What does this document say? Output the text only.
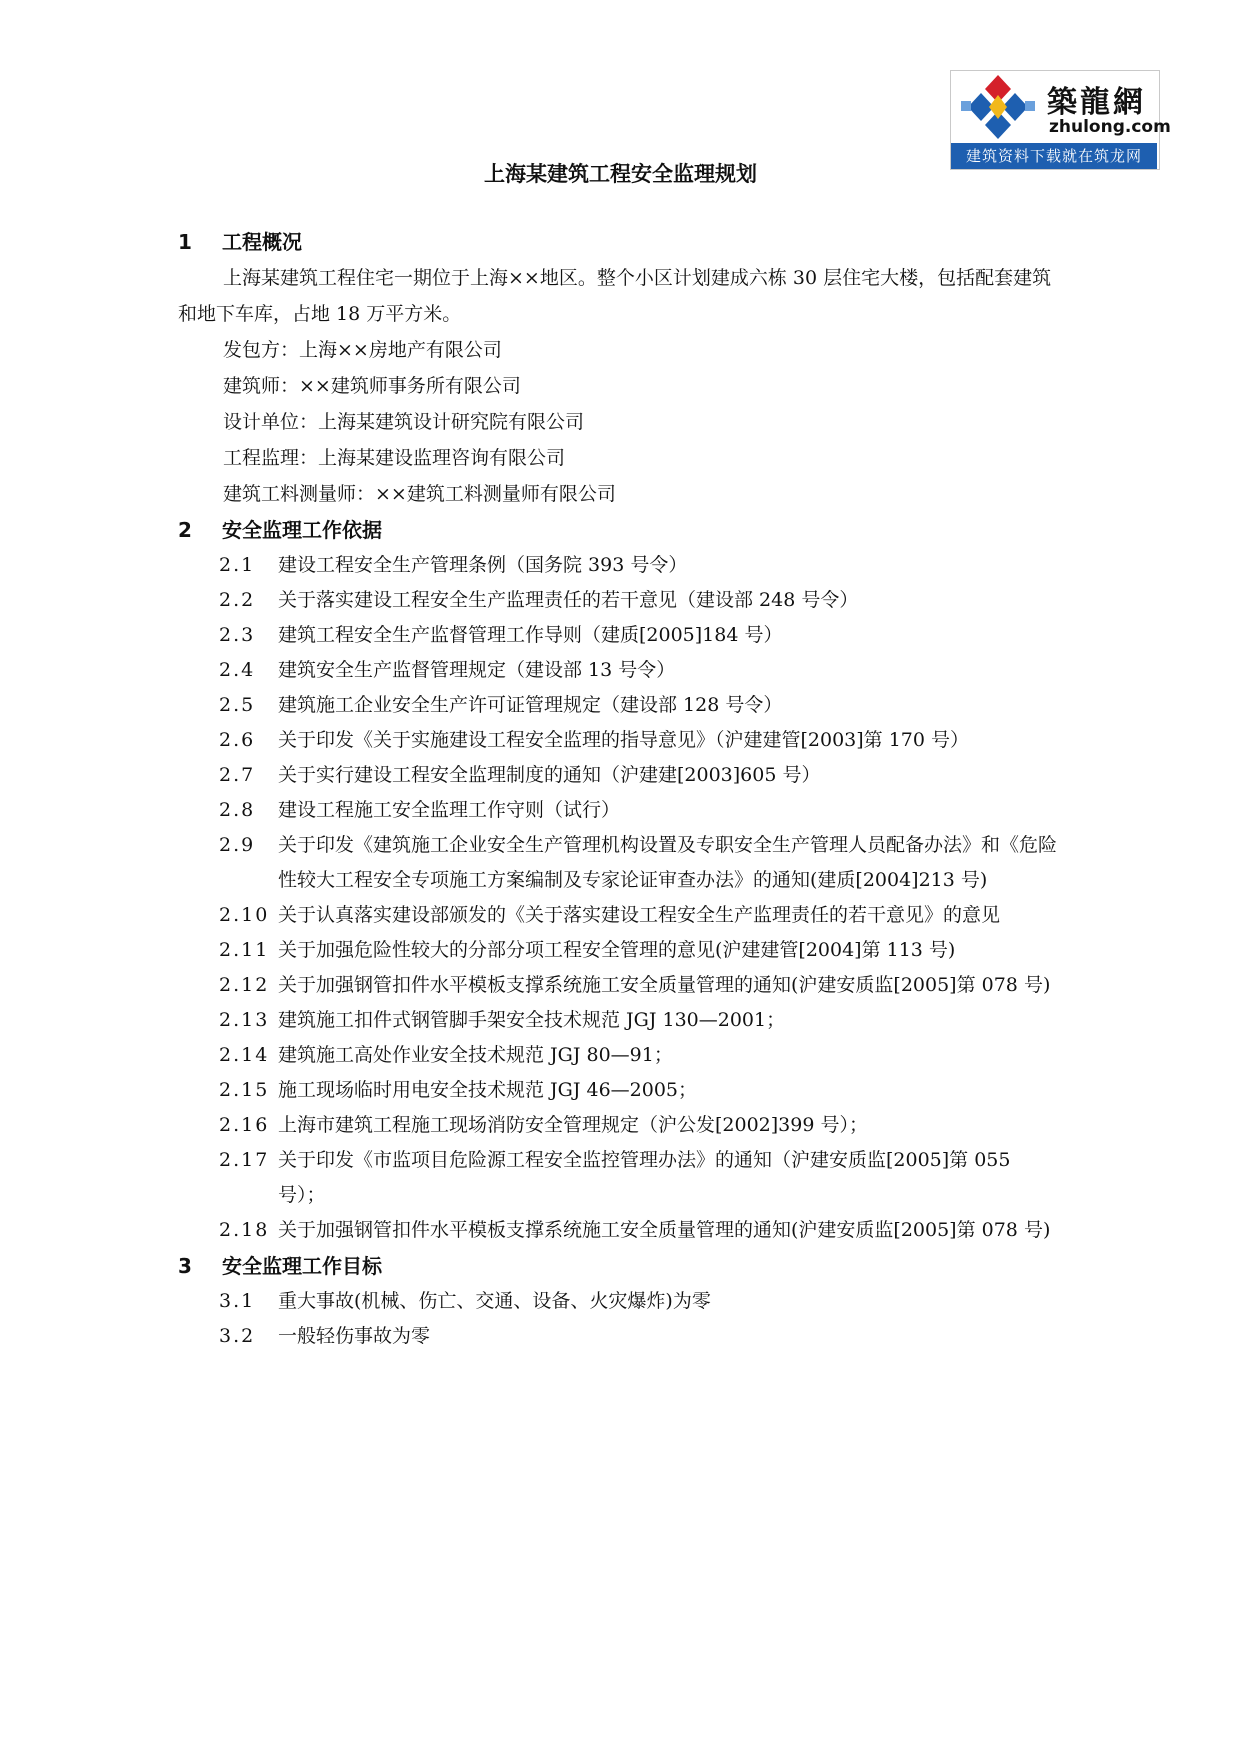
築龍網
zhulong.com
建筑资料下载就在筑龙网
上海某建筑工程安全监理规划
1	工程概况

上海某建筑工程住宅一期位于上海××地区。整个小区计划建成六栋 30 层住宅大楼，包括配套建筑和地下车库，占地 18 万平方米。

发包方：上海××房地产有限公司
建筑师：××建筑师事务所有限公司
设计单位：上海某建筑设计研究院有限公司
工程监理：上海某建设监理咨询有限公司
建筑工料测量师：××建筑工料测量师有限公司
2	安全监理工作依据
2.1	建设工程安全生产管理条例（国务院 393 号令）
2.2	关于落实建设工程安全生产监理责任的若干意见（建设部 248 号令）
2.3	建筑工程安全生产监督管理工作导则（建质[2005]184 号）
2.4	建筑安全生产监督管理规定（建设部 13 号令）
2.5	建筑施工企业安全生产许可证管理规定（建设部 128 号令）
2.6	关于印发《关于实施建设工程安全监理的指导意见》（沪建建管[2003]第 170 号）
2.7	关于实行建设工程安全监理制度的通知（沪建建[2003]605 号）
2.8	建设工程施工安全监理工作守则（试行）
2.9	关于印发《建筑施工企业安全生产管理机构设置及专职安全生产管理人员配备办法》和《危险性较大工程安全专项施工方案编制及专家论证审查办法》的通知(建质[2004]213 号)
2.10 关于认真落实建设部颁发的《关于落实建设工程安全生产监理责任的若干意见》的意见
2.11 关于加强危险性较大的分部分项工程安全管理的意见(沪建建管[2004]第 113 号)
2.12 关于加强钢管扣件水平模板支撑系统施工安全质量管理的通知(沪建安质监[2005]第 078 号)
2.13 建筑施工扣件式钢管脚手架安全技术规范 JGJ 130—2001；
2.14 建筑施工高处作业安全技术规范 JGJ 80—91；
2.15 施工现场临时用电安全技术规范 JGJ 46—2005；
2.16 上海市建筑工程施工现场消防安全管理规定（沪公发[2002]399 号）；
2.17 关于印发《市监项目危险源工程安全监控管理办法》的通知（沪建安质监[2005]第 055 号）；
2.18 关于加强钢管扣件水平模板支撑系统施工安全质量管理的通知(沪建安质监[2005]第 078 号)
3	安全监理工作目标
3.1	重大事故(机械、伤亡、交通、设备、火灾爆炸)为零
3.2	一般轻伤事故为零
